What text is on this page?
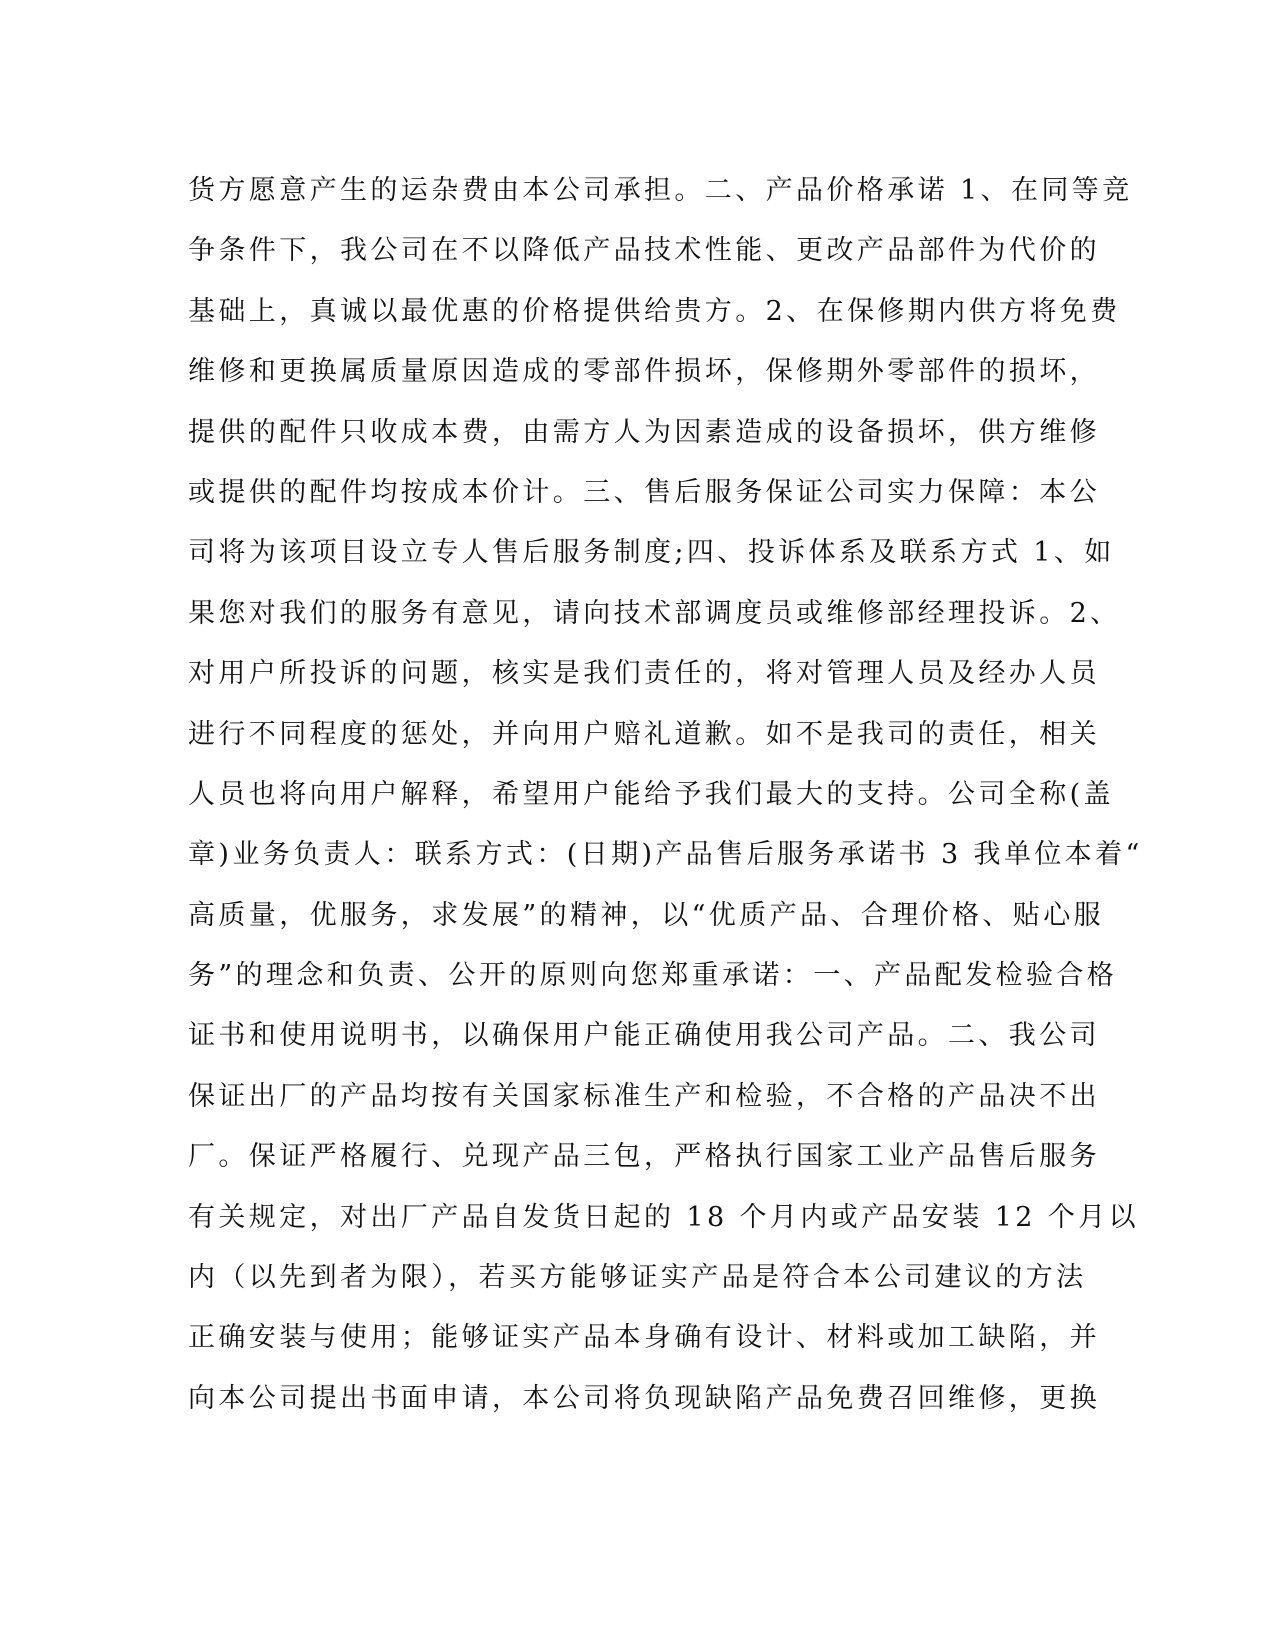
货方愿意产生的运杂费由本公司承担。二、产品价格承诺 1、在同等竞
争条件下，我公司在不以降低产品技术性能、更改产品部件为代价的
基础上，真诚以最优惠的价格提供给贵方。2、在保修期内供方将免费
维修和更换属质量原因造成的零部件损坏，保修期外零部件的损坏，
提供的配件只收成本费，由需方人为因素造成的设备损坏，供方维修
或提供的配件均按成本价计。三、售后服务保证公司实力保障：本公
司将为该项目设立专人售后服务制度;四、投诉体系及联系方式 1、如
果您对我们的服务有意见，请向技术部调度员或维修部经理投诉。2、
对用户所投诉的问题，核实是我们责任的，将对管理人员及经办人员
进行不同程度的惩处，并向用户赔礼道歉。如不是我司的责任，相关
人员也将向用户解释，希望用户能给予我们最大的支持。公司全称(盖
章)业务负责人：联系方式：(日期)产品售后服务承诺书 3 我单位本着“
高质量，优服务，求发展”的精神，以“优质产品、合理价格、贴心服
务”的理念和负责、公开的原则向您郑重承诺：一、产品配发检验合格
证书和使用说明书，以确保用户能正确使用我公司产品。二、我公司
保证出厂的产品均按有关国家标准生产和检验，不合格的产品决不出
厂。保证严格履行、兑现产品三包，严格执行国家工业产品售后服务
有关规定，对出厂产品自发货日起的 18 个月内或产品安装 12 个月以
内（以先到者为限），若买方能够证实产品是符合本公司建议的方法
正确安装与使用；能够证实产品本身确有设计、材料或加工缺陷，并
向本公司提出书面申请，本公司将负现缺陷产品免费召回维修，更换
